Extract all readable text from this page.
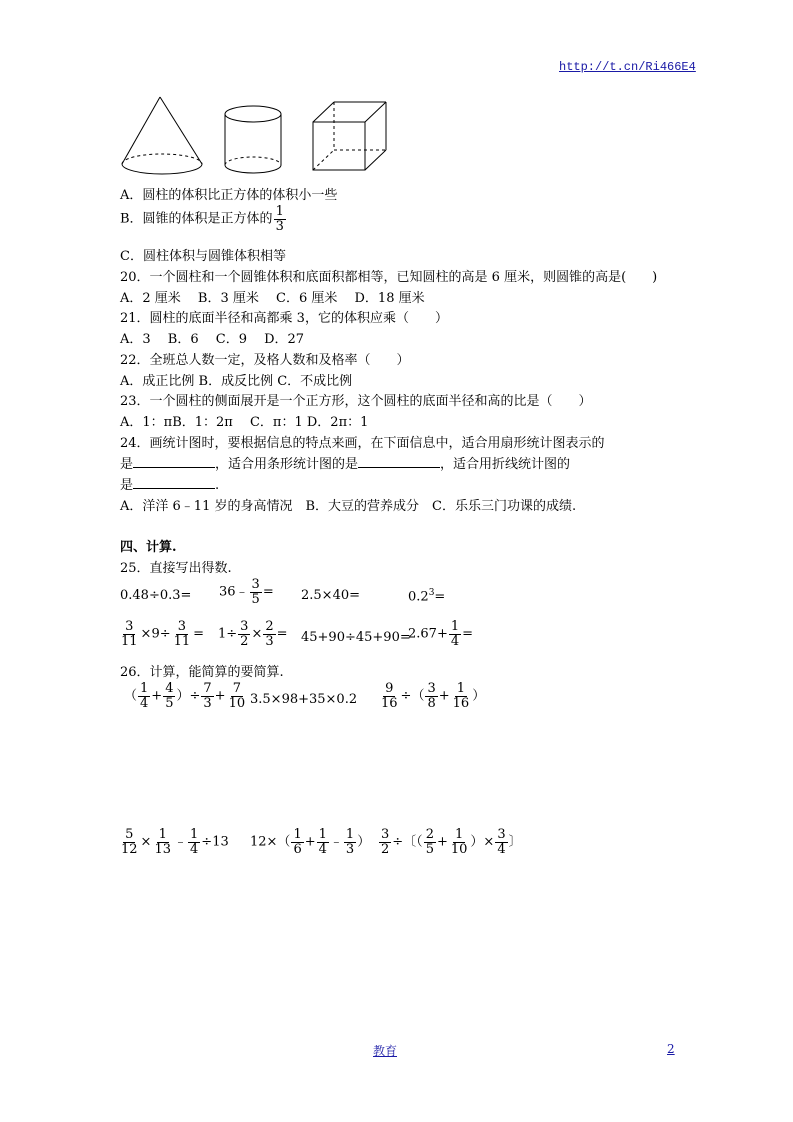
http://t.cn/Ri466E4
A．圆柱的体积比正方体的体积小一些
B．圆锥的体积是正方体的 $\frac{1}{3}$
C．圆柱体积与圆锥体积相等
20．一个圆柱和一个圆锥体积和底面积都相等，已知圆柱的高是 6 厘米，则圆锥的高是(　　)
A．2 厘米　 B．3 厘米　 C．6 厘米　 D．18 厘米
21．圆柱的底面半径和高都乘 3，它的体积应乘（　　）
A．3　 B．6　 C．9　 D．27
22．全班总人数一定，及格人数和及格率（　　）
A．成正比例 B．成反比例 C．不成比例
23．一个圆柱的侧面展开是一个正方形，这个圆柱的底面半径和高的比是（　　）
A．1：πB．1：2π　 C．π：1 D．2π：1
24．画统计图时，要根据信息的特点来画，在下面信息中，适合用扇形统计图表示的
是	，适合用条形统计图的是	，适合用折线统计图的
是	.
A．洋洋 6﹣11 岁的身高情况　B．大豆的营养成分　C．乐乐三门功课的成绩.
四、计算.
25．直接写出得数.
0.48÷0.3= 36﹣ $\frac{3}{5} = 2.5\times 40=$	$0.2^3=$
$\frac{3}{11} \times 9\div \frac{3}{11} = 1\div \frac{3}{2} \times \frac{2}{3} = 45+90\div 45+90=$
$2.67+ \frac{1}{4}$ =
26．计算，能简算的要简算.
（ $\frac{1}{4} + \frac{4}{5}$ ）÷ $\frac{7}{3} + \frac{7}{10} 3.5\times 98+35\times 0.2 \frac{9}{16}$ ÷（ $\frac{3}{8} + \frac{1}{16}$ ）
$\frac{5}{12} \times \frac{1}{13}$ ﹣ $\frac{1}{4} \div 13$ $12\times( \frac{1}{6} + \frac{1}{4}$ ﹣ $\frac{1}{3}$ ） $\frac{3}{2}$ ÷〔（ $\frac{2}{5} + \frac{1}{10}$ ）× $\frac{3}{4}$ 〕
教育	2
